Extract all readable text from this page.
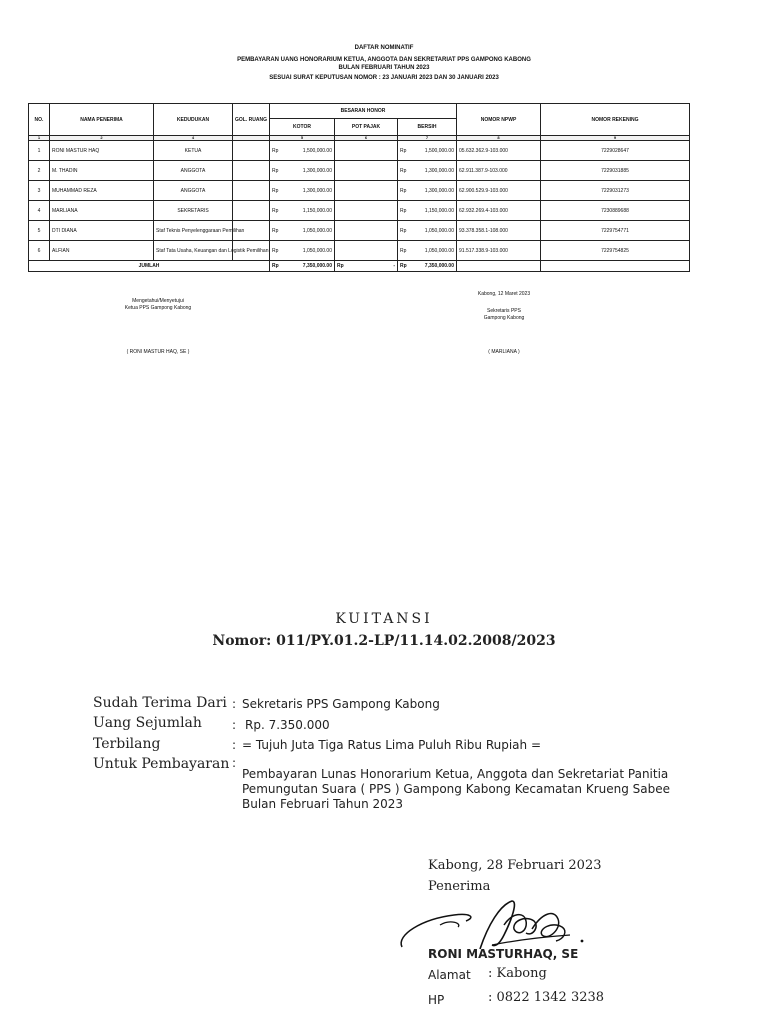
DAFTAR NOMINATIF
PEMBAYARAN UANG HONORARIUM KETUA, ANGGOTA DAN SEKRETARIAT PPS GAMPONG KABONG
BULAN FEBRUARI TAHUN 2023
SESUAI SURAT KEPUTUSAN NOMOR : 23 JANUARI 2023 DAN 30 JANUARI 2023
NO.	NAMA PENERIMA	KEDUDUKAN	GOL. RUANG	BESARAN HONOR			NOMOR NPWP	NOMOR REKENING
				KOTOR	POT PAJAK	BERSIH		
1	2	4		5	6	7	8	9
1	RONI MASTUR HAQ	KETUA		Rp 1,500,000.00		Rp 1,500,000.00	05.632.362.9-103.000	7229028647
2	M. THADIN	ANGGOTA		Rp 1,300,000.00		Rp 1,300,000.00	62.911.387.9-103.000	7229031885
3	MUHAMMAD REZA	ANGGOTA		Rp 1,300,000.00		Rp 1,300,000.00	62.900.529.9-103.000	7229031273
4	MARLIANA	SEKRETARIS		Rp 1,150,000.00		Rp 1,150,000.00	62.932.269.4-103.000	7230889688
5	DTI DIANA	Staf Teknis Penyelenggaraan Pemilihan		Rp 1,050,000.00		Rp 1,050,000.00	93.378.358.1-108.000	7229754771
6	ALFIAN	Staf Tata Usaha, Keuangan dan Logistik Pemilihan		Rp 1,050,000.00		Rp 1,050,000.00	91.517.338.9-103.000	7229754825
JUMLAH				Rp 7,350,000.00	Rp -	Rp 7,350,000.00		

Mengetahui/Menyetujui
Ketua PPS Gampong Kabong
( RONI MASTUR HAQ, SE )
Kabong, 12 Maret 2023
Sekretaris PPS
Gampong Kabong
( MARLIANA )
KUITANSI
Nomor: 011/PY.01.2-LP/11.14.02.2008/2023
Sudah Terima Dari : Sekretaris PPS Gampong Kabong
Uang Sejumlah	: Rp. 7.350.000
Terbilang	: = Tujuh Juta Tiga Ratus Lima Puluh Ribu Rupiah =
Untuk Pembayaran :
Pembayaran Lunas Honorarium Ketua, Anggota dan Sekretariat Panitia
Pemungutan Suara ( PPS ) Gampong Kabong Kecamatan Krueng Sabee
Bulan Februari Tahun 2023
Kabong, 28 Februari 2023
Penerima
RONI MASTURHAQ, SE
Alamat : Kabong
HP	: 0822 1342 3238
